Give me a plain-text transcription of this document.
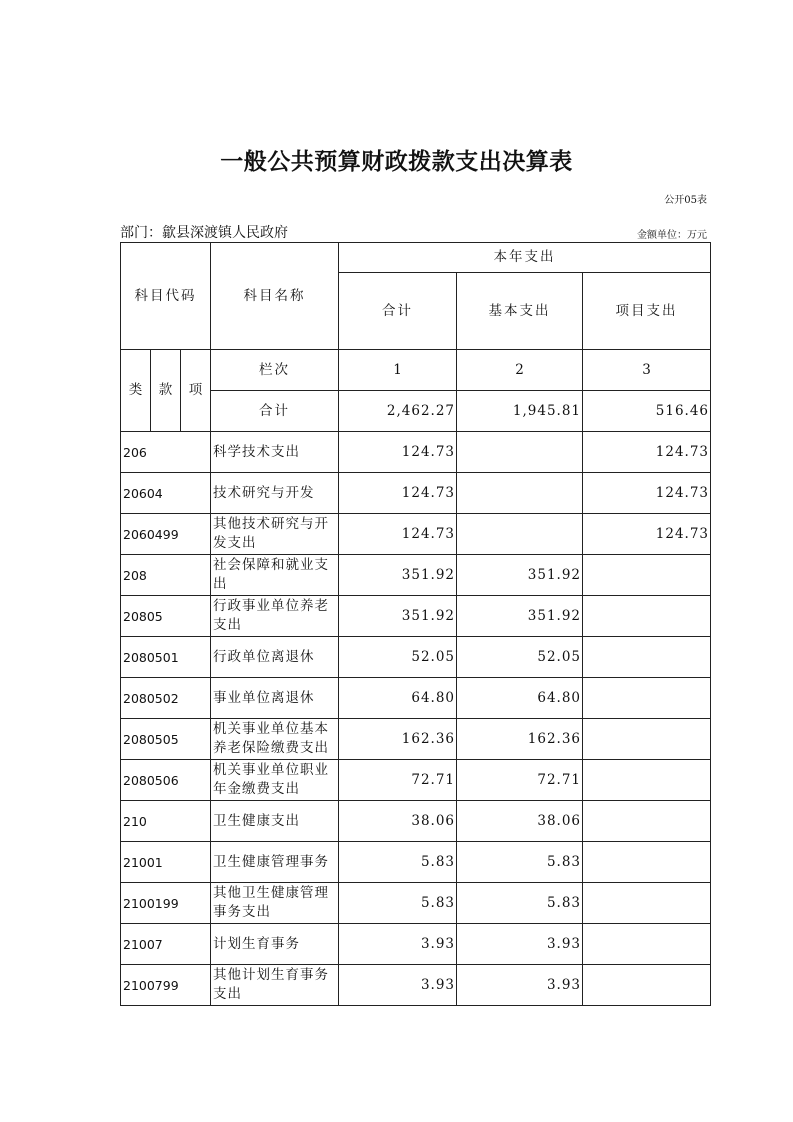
一般公共预算财政拨款支出决算表
公开05表
部门：歙县深渡镇人民政府	金额单位：万元
科目代码			科目名称	本年支出		
				合计	基本支出	项目支出
类	款	项	栏次	1	2	3
			合计	2,462.27	1,945.81	516.46
206			科学技术支出	124.73		124.73
20604			技术研究与开发	124.73		124.73
2060499			其他技术研究与开发支出	124.73		124.73
208			社会保障和就业支出	351.92	351.92	
20805			行政事业单位养老支出	351.92	351.92	
2080501			行政单位离退休	52.05	52.05	
2080502			事业单位离退休	64.80	64.80	
2080505			机关事业单位基本养老保险缴费支出	162.36	162.36	
2080506			机关事业单位职业年金缴费支出	72.71	72.71	
210			卫生健康支出	38.06	38.06	
21001			卫生健康管理事务	5.83	5.83	
2100199			其他卫生健康管理事务支出	5.83	5.83	
21007			计划生育事务	3.93	3.93	
2100799			其他计划生育事务支出	3.93	3.93	
